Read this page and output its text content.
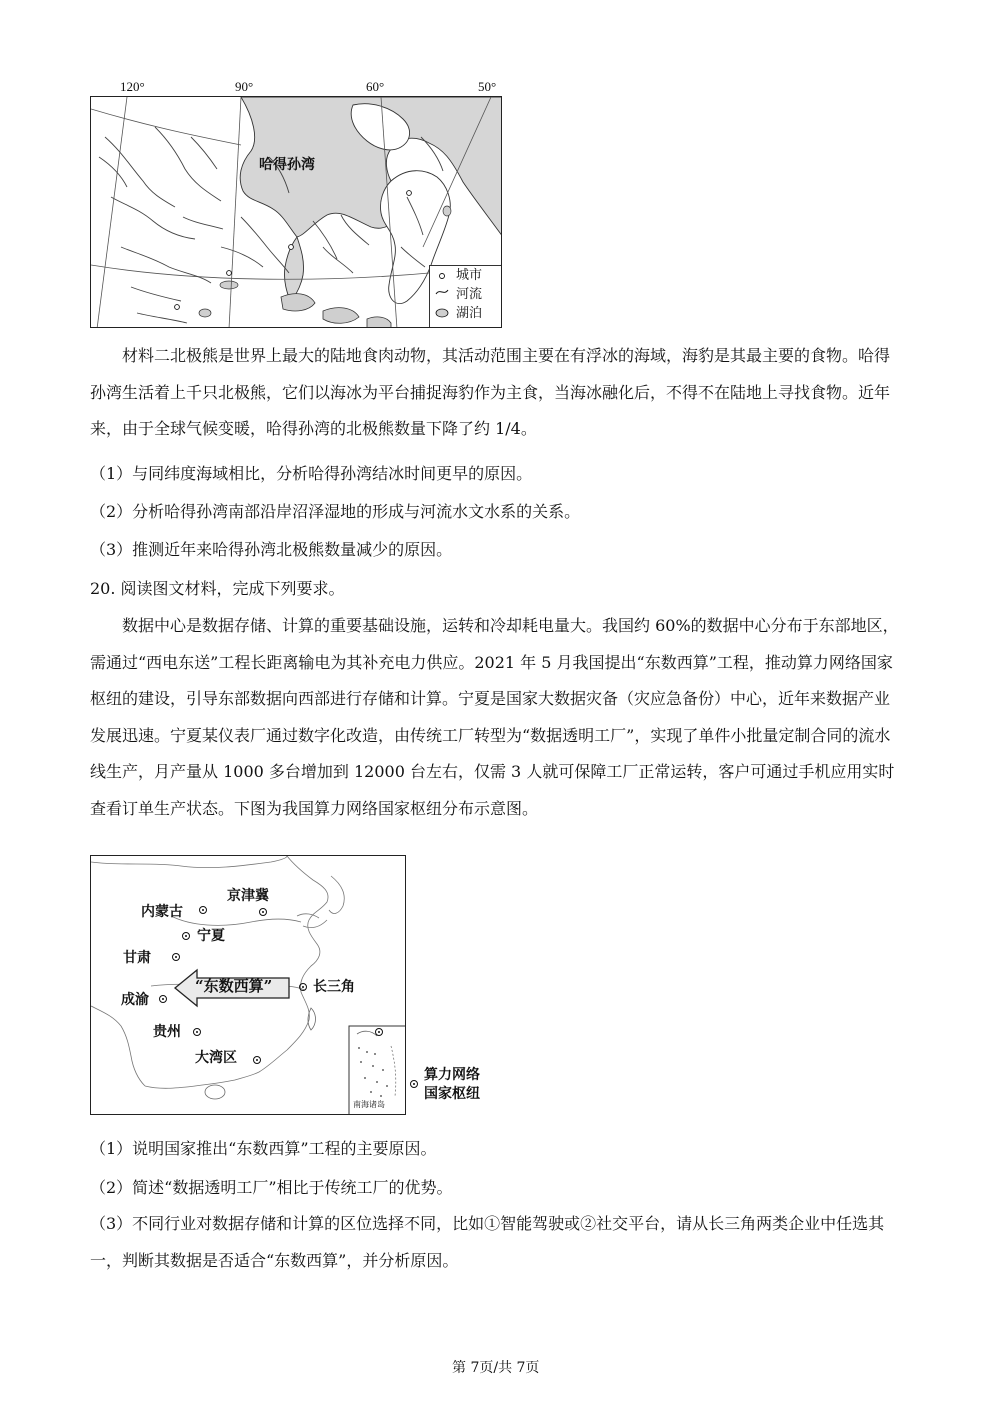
120°	90°	60°	50°
哈得孙湾
城市
河流
湖泊
材料二北极熊是世界上最大的陆地食肉动物，其活动范围主要在有浮冰的海域，海豹是其最主要的食物。哈得孙湾生活着上千只北极熊，它们以海冰为平台捕捉海豹作为主食，当海冰融化后，不得不在陆地上寻找食物。近年来，由于全球气候变暖，哈得孙湾的北极熊数量下降了约 1/4。
（1）与同纬度海域相比，分析哈得孙湾结冰时间更早的原因。
（2）分析哈得孙湾南部沿岸沼泽湿地的形成与河流水文水系的关系。
（3）推测近年来哈得孙湾北极熊数量减少的原因。
20. 阅读图文材料，完成下列要求。
数据中心是数据存储、计算的重要基础设施，运转和冷却耗电量大。我国约 60%的数据中心分布于东部地区，需通过“西电东送”工程长距离输电为其补充电力供应。2021 年 5 月我国提出“东数西算”工程，推动算力网络国家枢纽的建设，引导东部数据向西部进行存储和计算。宁夏是国家大数据灾备（灾应急备份）中心，近年来数据产业发展迅速。宁夏某仪表厂通过数字化改造，由传统工厂转型为“数据透明工厂”，实现了单件小批量定制合同的流水线生产，月产量从 1000 多台增加到 12000 台左右，仅需 3 人就可保障工厂正常运转，客户可通过手机应用实时查看订单生产状态。下图为我国算力网络国家枢纽分布示意图。
京津冀
内蒙古
宁夏
甘肃
长三角
成渝
贵州
大湾区
“东数西算”
南海诸岛
算力网络
国家枢纽
（1）说明国家推出“东数西算”工程的主要原因。
（2）简述“数据透明工厂”相比于传统工厂的优势。
（3）不同行业对数据存储和计算的区位选择不同，比如①智能驾驶或②社交平台，请从长三角两类企业中任选其一，判断其数据是否适合“东数西算”，并分析原因。
第 7页/共 7页
